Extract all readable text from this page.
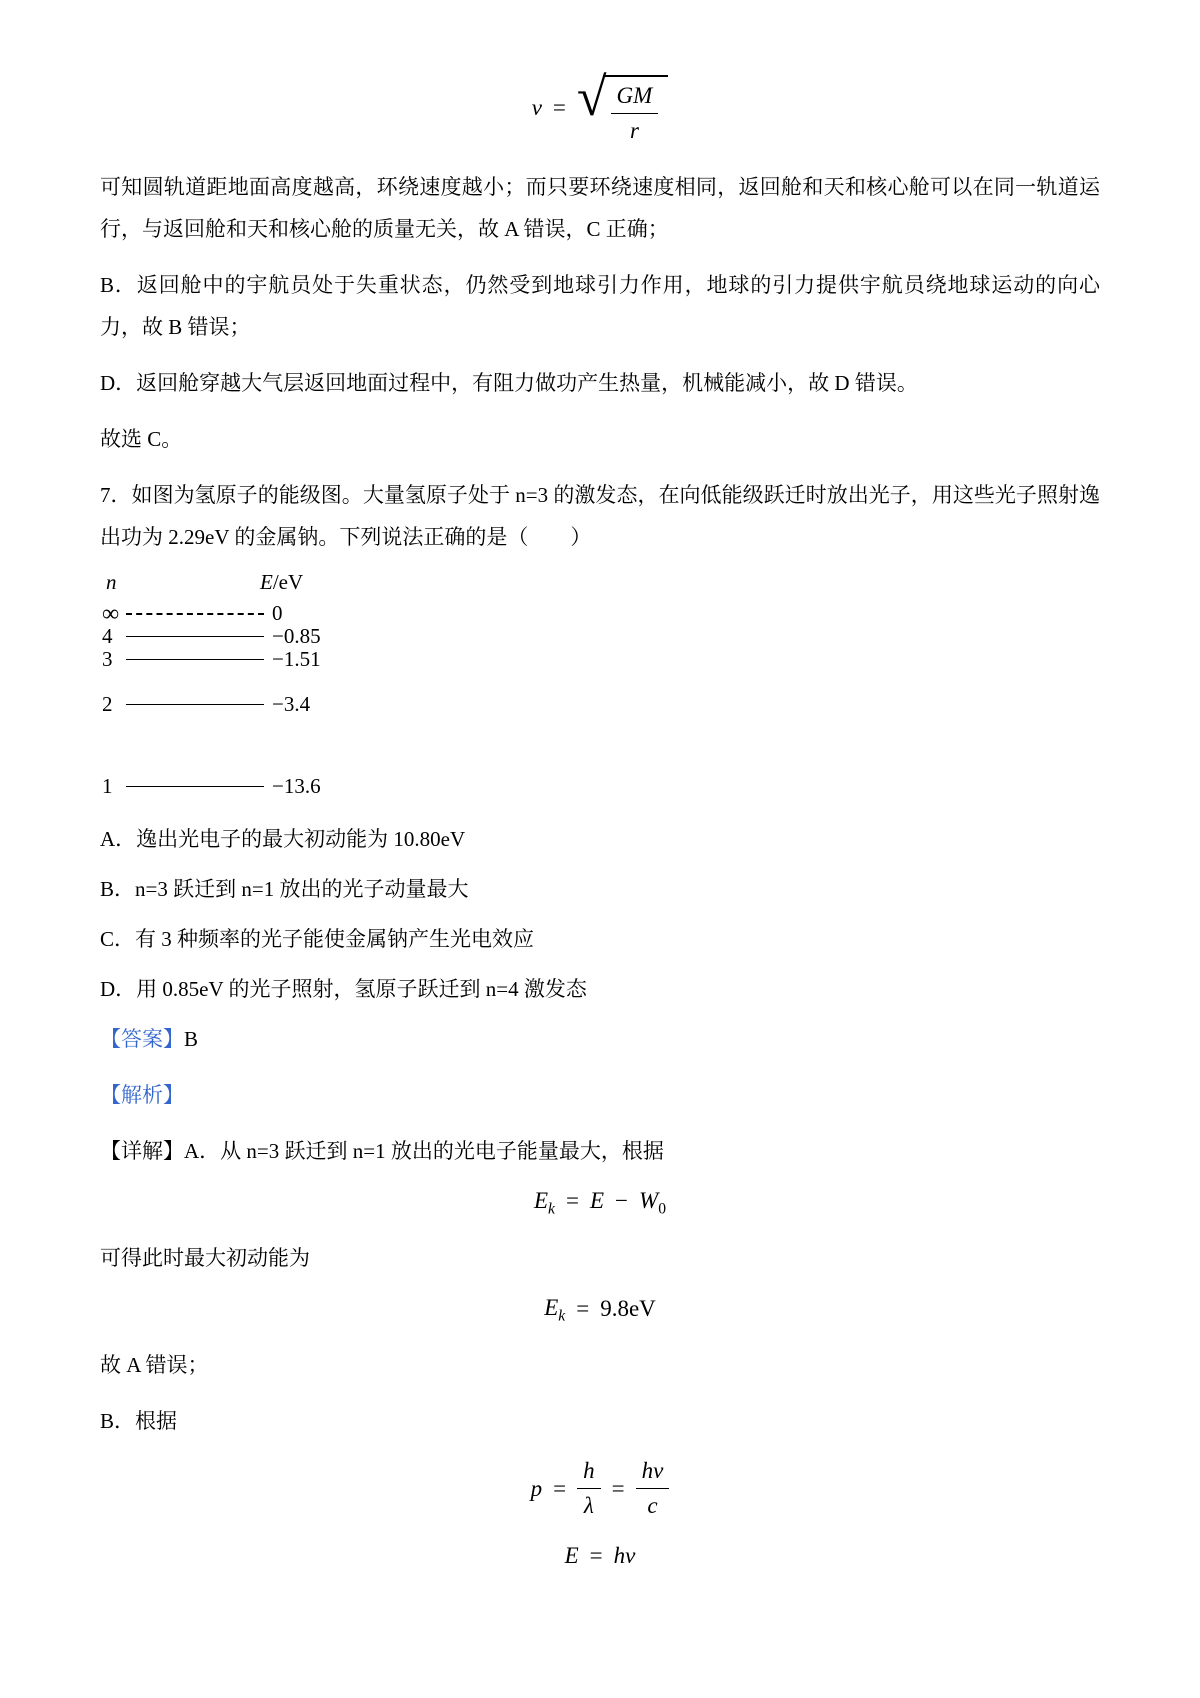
v = √ $\frac{GM}{r}$

可知圆轨道距地面高度越高，环绕速度越小；而只要环绕速度相同，返回舱和天和核心舱可以在同一轨道运行，与返回舱和天和核心舱的质量无关，故 A 错误，C 正确；

B．返回舱中的宇航员处于失重状态，仍然受到地球引力作用，地球的引力提供宇航员绕地球运动的向心力，故 B 错误；

D．返回舱穿越大气层返回地面过程中，有阻力做功产生热量，机械能减小，故 D 错误。

故选 C。

7．如图为氢原子的能级图。大量氢原子处于 n=3 的激发态，在向低能级跃迁时放出光子，用这些光子照射逸出功为 2.29eV 的金属钠。下列说法正确的是（　　）

n	E/eV
∞	0
4	−0.85
3	−1.51
2	−3.4
1	−13.6

A．逸出光电子的最大初动能为 10.80eV

B．n=3 跃迁到 n=1 放出的光子动量最大

C．有 3 种频率的光子能使金属钠产生光电效应

D．用 0.85eV 的光子照射，氢原子跃迁到 n=4 激发态

【答案】B

【解析】

【详解】A．从 n=3 跃迁到 n=1 放出的光电子能量最大，根据

$E_k = E - W_0$

可得此时最大初动能为

$E_k = 9.8eV$

故 A 错误；

B．根据

$p = \frac{h}{\lambda} = \frac{h\nu}{c}$
E = hν
